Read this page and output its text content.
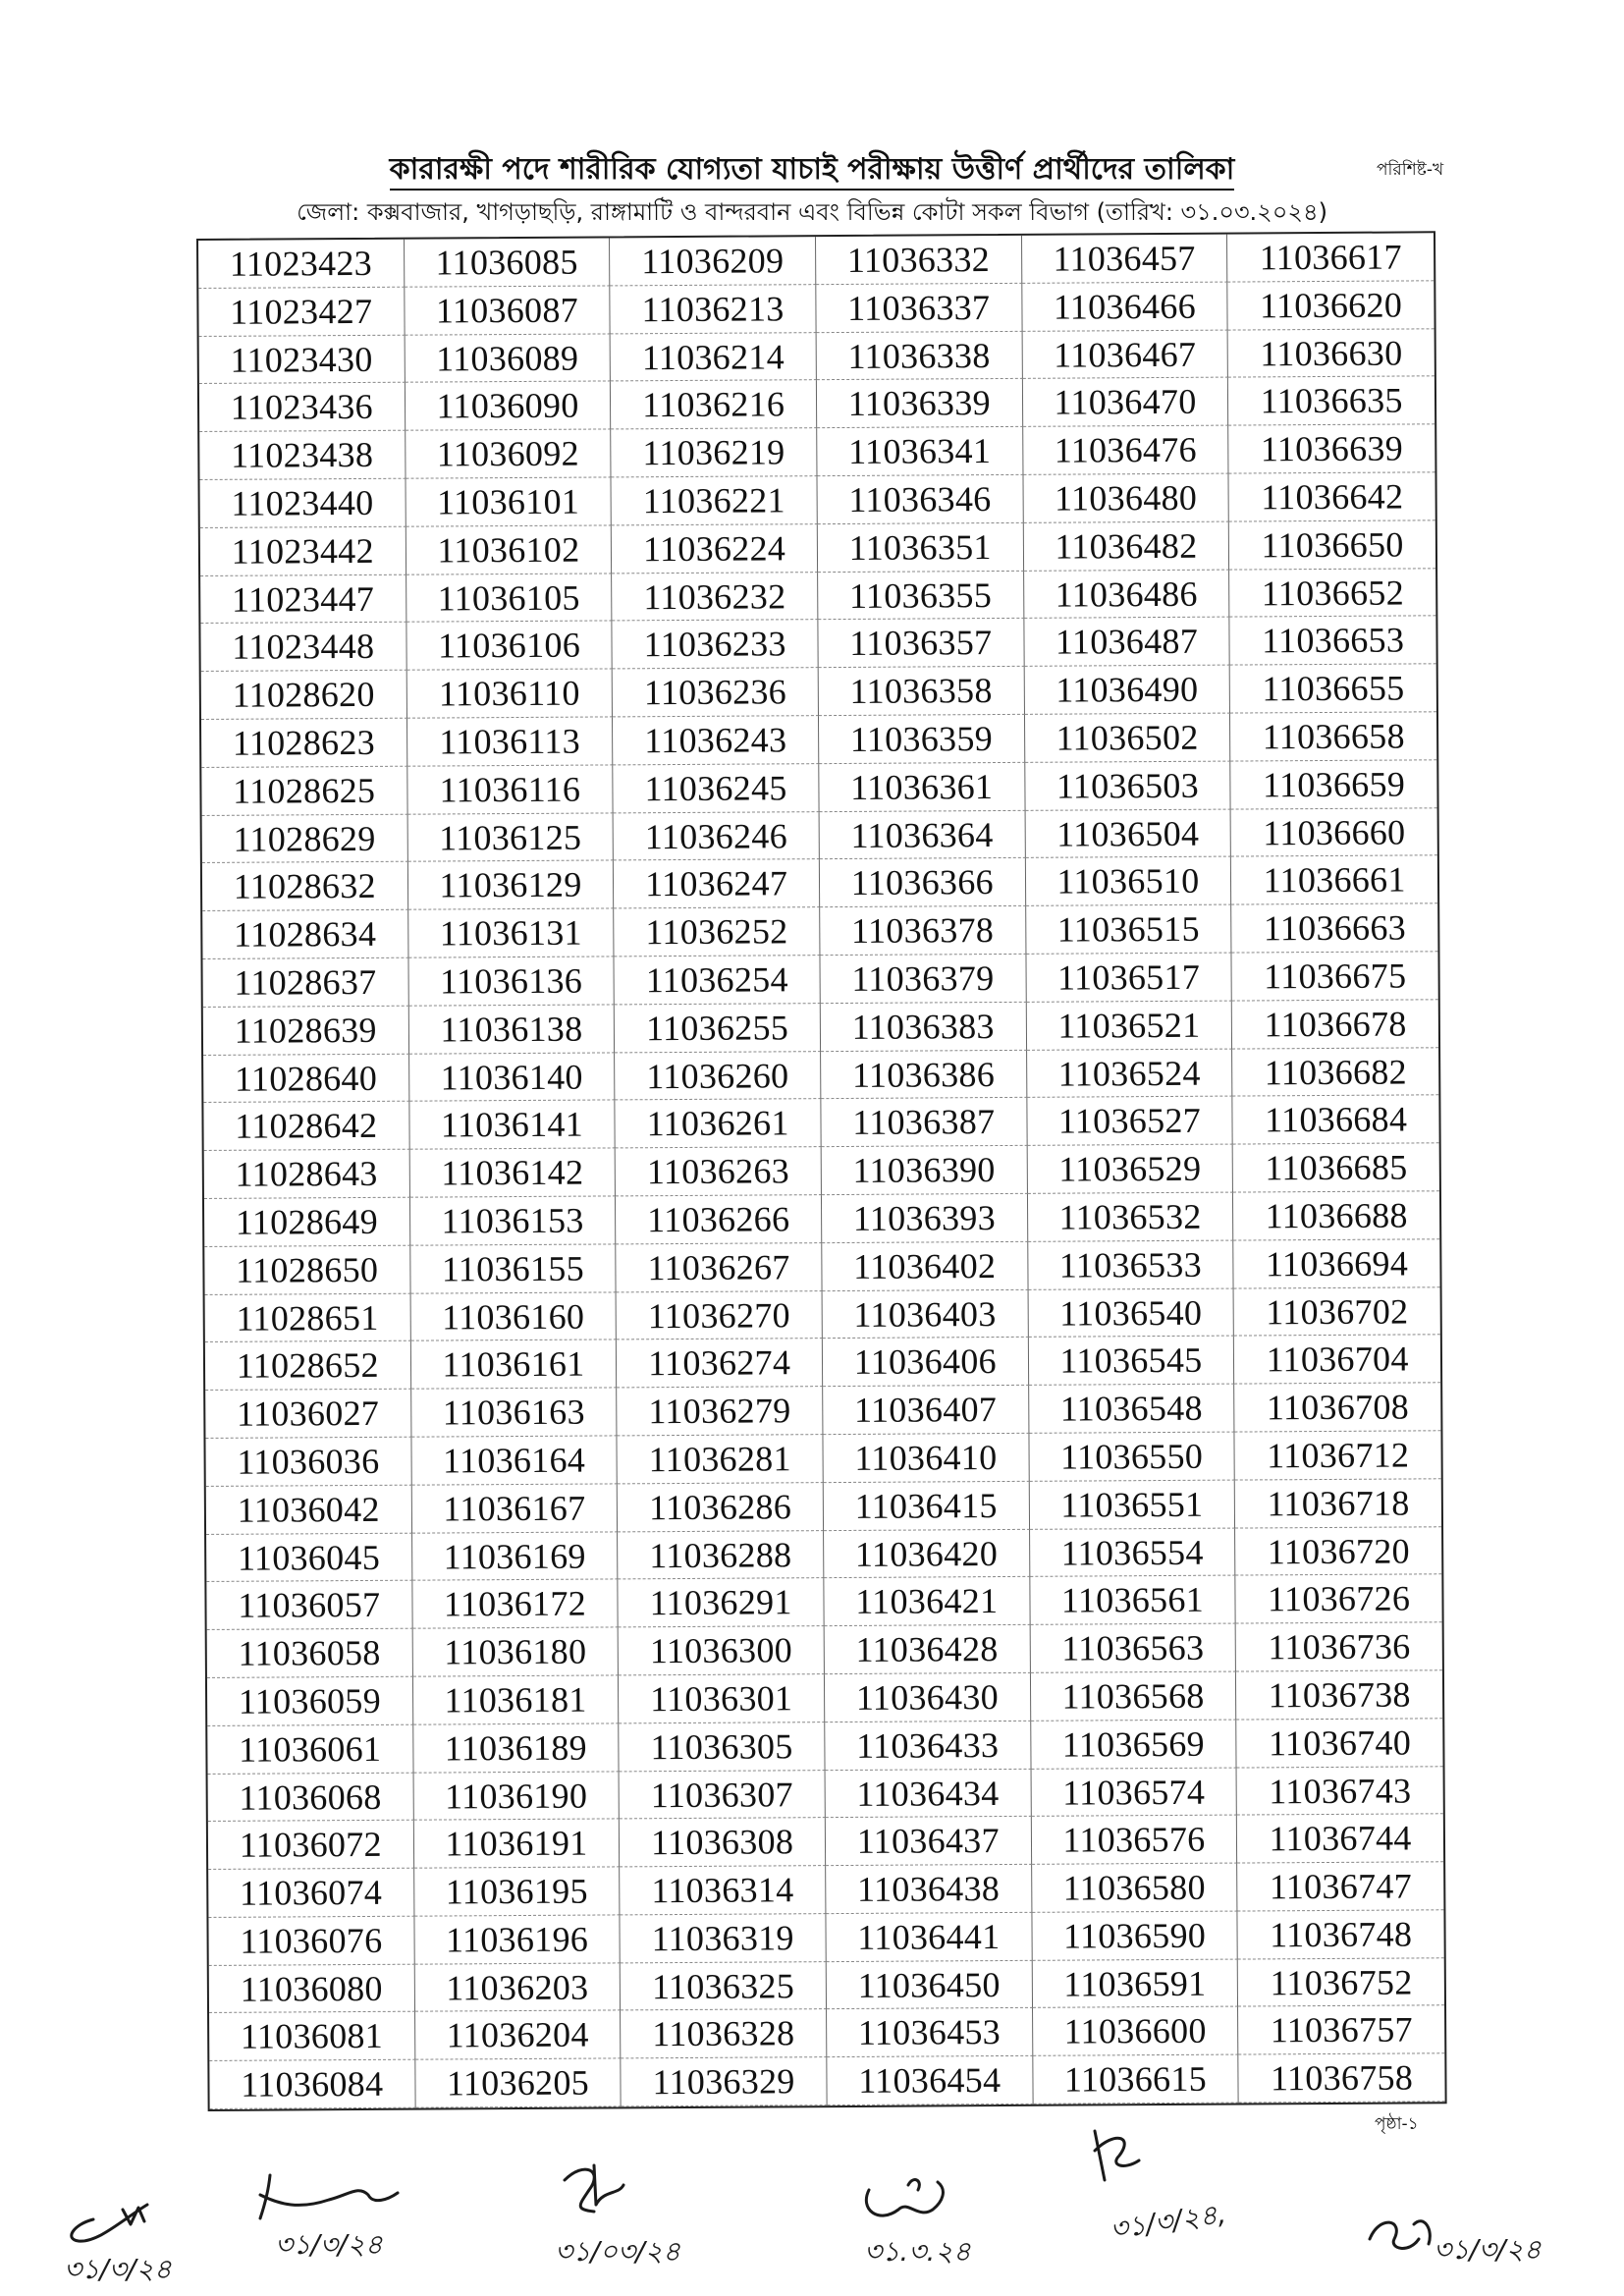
কারারক্ষী পদে শারীরিক যোগ্যতা যাচাই পরীক্ষায় উত্তীর্ণ প্রার্থীদের তালিকা	পরিশিষ্ট-খ
জেলা: কক্সবাজার, খাগড়াছড়ি, রাঙ্গামাটি ও বান্দরবান এবং বিভিন্ন কোটা সকল বিভাগ (তারিখ: ৩১.০৩.২০২৪)
11023423	11036085	11036209	11036332	11036457	11036617
11023427	11036087	11036213	11036337	11036466	11036620
11023430	11036089	11036214	11036338	11036467	11036630
11023436	11036090	11036216	11036339	11036470	11036635
11023438	11036092	11036219	11036341	11036476	11036639
11023440	11036101	11036221	11036346	11036480	11036642
11023442	11036102	11036224	11036351	11036482	11036650
11023447	11036105	11036232	11036355	11036486	11036652
11023448	11036106	11036233	11036357	11036487	11036653
11028620	11036110	11036236	11036358	11036490	11036655
11028623	11036113	11036243	11036359	11036502	11036658
11028625	11036116	11036245	11036361	11036503	11036659
11028629	11036125	11036246	11036364	11036504	11036660
11028632	11036129	11036247	11036366	11036510	11036661
11028634	11036131	11036252	11036378	11036515	11036663
11028637	11036136	11036254	11036379	11036517	11036675
11028639	11036138	11036255	11036383	11036521	11036678
11028640	11036140	11036260	11036386	11036524	11036682
11028642	11036141	11036261	11036387	11036527	11036684
11028643	11036142	11036263	11036390	11036529	11036685
11028649	11036153	11036266	11036393	11036532	11036688
11028650	11036155	11036267	11036402	11036533	11036694
11028651	11036160	11036270	11036403	11036540	11036702
11028652	11036161	11036274	11036406	11036545	11036704
11036027	11036163	11036279	11036407	11036548	11036708
11036036	11036164	11036281	11036410	11036550	11036712
11036042	11036167	11036286	11036415	11036551	11036718
11036045	11036169	11036288	11036420	11036554	11036720
11036057	11036172	11036291	11036421	11036561	11036726
11036058	11036180	11036300	11036428	11036563	11036736
11036059	11036181	11036301	11036430	11036568	11036738
11036061	11036189	11036305	11036433	11036569	11036740
11036068	11036190	11036307	11036434	11036574	11036743
11036072	11036191	11036308	11036437	11036576	11036744
11036074	11036195	11036314	11036438	11036580	11036747
11036076	11036196	11036319	11036441	11036590	11036748
11036080	11036203	11036325	11036450	11036591	11036752
11036081	11036204	11036328	11036453	11036600	11036757
11036084	11036205	11036329	11036454	11036615	11036758
পৃষ্ঠা-১
৩১/৩/২৪
৩১/৩/২৪	৩১/০৩/২৪	৩১.৩.২৪
৩১/৩/২৪,
৩১/৩/২৪
